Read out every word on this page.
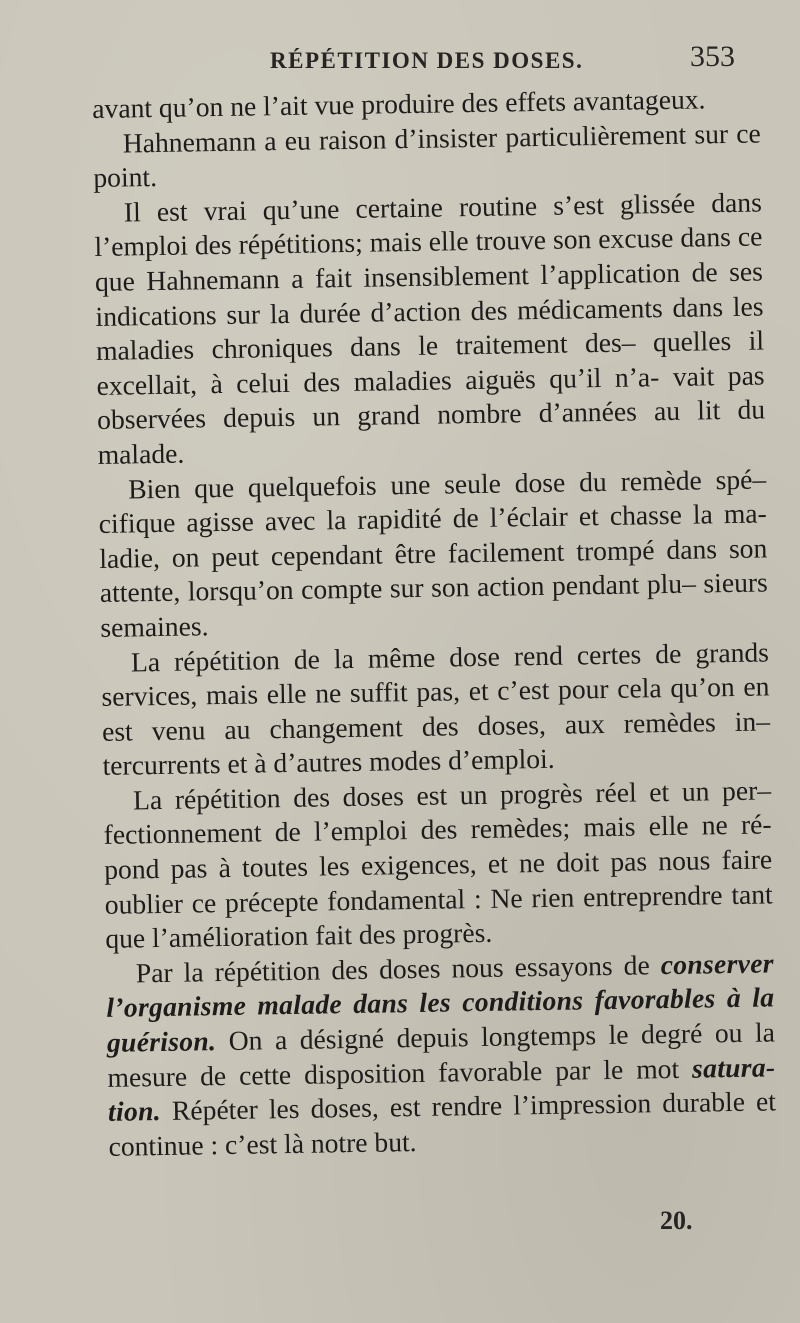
RÉPÉTITION DES DOSES.	353

avant qu’on ne l’ait vue produire des effets avantageux.

Hahnemann a eu raison d’insister particulièrement sur ce point.

Il est vrai qu’une certaine routine s’est glissée dans l’emploi des répétitions; mais elle trouve son excuse dans ce que Hahnemann a fait insensiblement l’application de ses indications sur la durée d’action des médicaments dans les maladies chroniques dans le traitement des– quelles il excellait, à celui des maladies aiguës qu’il n’a- vait pas observées depuis un grand nombre d’années au lit du malade.

Bien que quelquefois une seule dose du remède spé– cifique agisse avec la rapidité de l’éclair et chasse la ma- ladie, on peut cependant être facilement trompé dans son attente, lorsqu’on compte sur son action pendant plu– sieurs semaines.

La répétition de la même dose rend certes de grands services, mais elle ne suffit pas, et c’est pour cela qu’on en est venu au changement des doses, aux remèdes in– tercurrents et à d’autres modes d’emploi.

La répétition des doses est un progrès réel et un per– fectionnement de l’emploi des remèdes; mais elle ne ré- pond pas à toutes les exigences, et ne doit pas nous faire oublier ce précepte fondamental : Ne rien entreprendre tant que l’amélioration fait des progrès.

Par la répétition des doses nous essayons de conserver l’organisme malade dans les conditions favorables à la guérison. On a désigné depuis longtemps le degré ou la mesure de cette disposition favorable par le mot satura- tion. Répéter les doses, est rendre l’impression durable et continue : c’est là notre but.

20.
